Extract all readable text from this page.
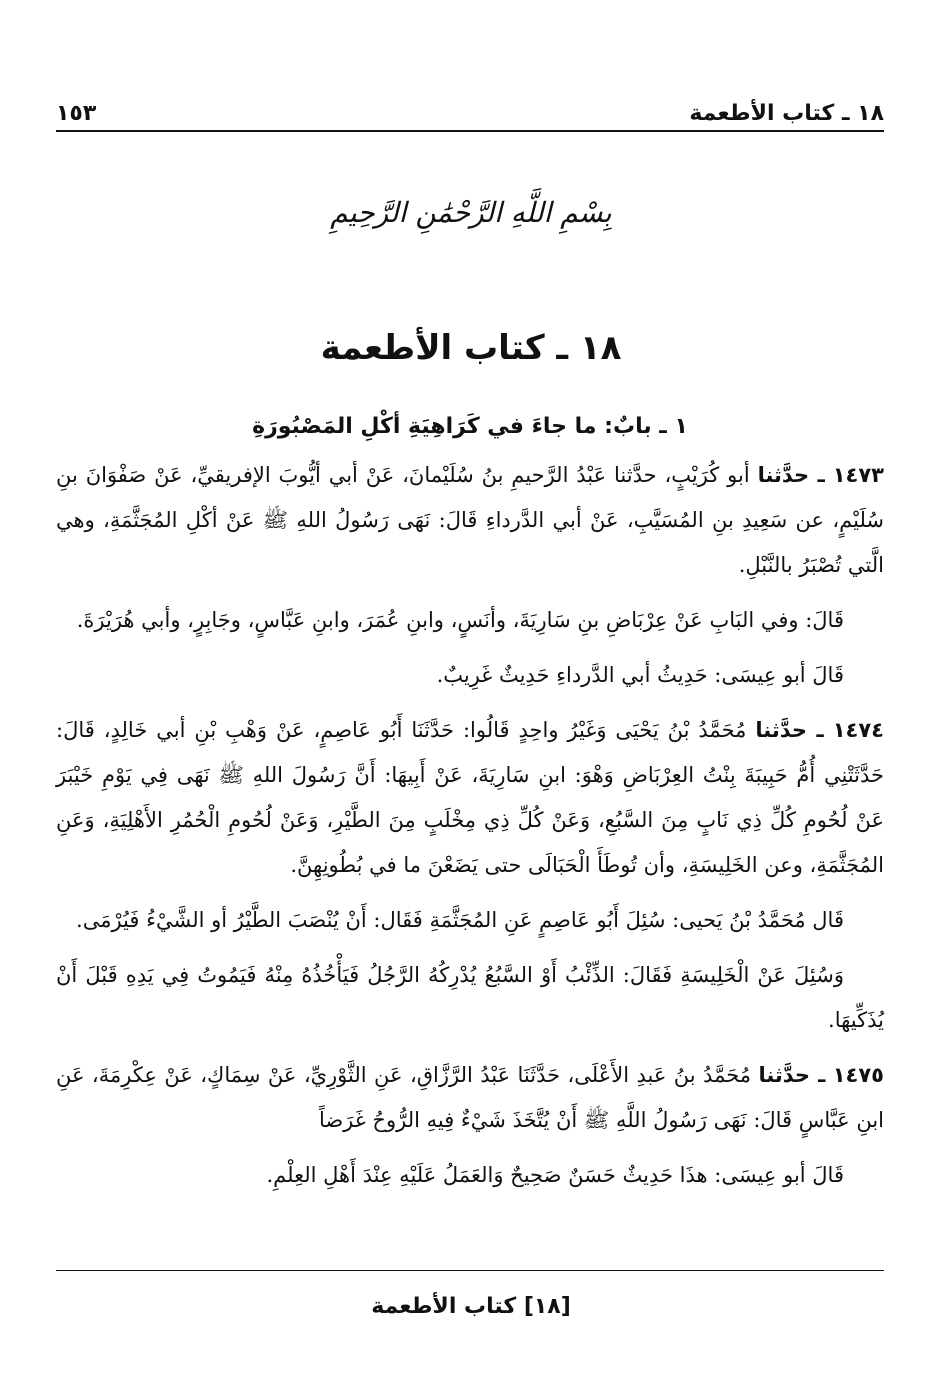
١٨ ـ كتاب الأطعمة
١٥٣
بِسْمِ اللَّهِ الرَّحْمَٰنِ الرَّحِيمِ
١٨ ـ كتاب الأطعمة

١ ـ بابٌ: ما جاءَ في كَرَاهِيَةِ أكْلِ المَصْبُورَةِ

١٤٧٣ ـ حدَّثنا أبو كُرَيْبٍ، حدَّثنا عَبْدُ الرَّحيمِ بنُ سُلَيْمانَ، عَنْ أبي أيُّوبَ الإفريقيِّ، عَنْ صَفْوَانَ بنِ سُلَيْمٍ، عن سَعِيدِ بنِ المُسَيَّبِ، عَنْ أبي الدَّرداءِ قَالَ: نَهَى رَسُولُ اللهِ ﷺ عَنْ أكْلِ المُجَثَّمَةِ، وهي الَّتي تُصْبَرُ بالنَّبْلِ.

قَالَ: وفي البَابِ عَنْ عِرْبَاضِ بنِ سَارِيَةَ، وأنَسٍ، وابنِ عُمَرَ، وابنِ عَبَّاسٍ، وجَابِرٍ، وأبي هُرَيْرَةَ.

قَالَ أبو عِيسَى: حَدِيثُ أبي الدَّرداءِ حَدِيثٌ غَرِيبٌ.

١٤٧٤ ـ حدَّثنا مُحَمَّدُ بْنُ يَحْيَى وَغَيْرُ واحِدٍ قَالُوا: حَدَّثَنَا أَبُو عَاصِمٍ، عَنْ وَهْبِ بْنِ أبي خَالِدٍ، قَالَ: حَدَّثَتْنِي أُمُّ حَبِيبَةَ بِنْتُ العِرْبَاضِ وَهْوَ: ابنِ سَارِيَةَ، عَنْ أَبِيهَا: أَنَّ رَسُولَ اللهِ ﷺ نَهَى فِي يَوْمِ خَيْبَرَ عَنْ لُحُومِ كُلِّ ذِي نَابٍ مِنَ السَّبُعِ، وَعَنْ كُلِّ ذِي مِخْلَبٍ مِنَ الطَّيْرِ، وَعَنْ لُحُومِ الْحُمُرِ الأَهْلِيَةِ، وَعَنِ المُجَثَّمَةِ، وعن الخَلِيسَةِ، وأن تُوطَأَ الْحَبَالَى حتى يَضَعْنَ ما في بُطُونِهِنَّ.

قَال مُحَمَّدُ بْنُ يَحيى: سُئِلَ أَبُو عَاصِمٍ عَنِ المُجَثَّمَةِ فَقَال: أَنْ يُنْصَبَ الطَّيْرُ أو الشَّيْءُ فَيُرْمَى.

وَسُئِلَ عَنْ الْخَلِيسَةِ فَقَالَ: الذِّئْبُ أَوْ السَّبُعُ يُدْرِكُهُ الرَّجُلُ فَيَأْخُذُهُ مِنْهُ فَيَمُوتُ فِي يَدِهِ قَبْلَ أَنْ يُذَكِّيهَا.

١٤٧٥ ـ حدَّثنا مُحَمَّدُ بنُ عَبدِ الأَعْلَى، حَدَّثَنَا عَبْدُ الرَّزَّاقِ، عَنِ الثَّوْرِيِّ، عَنْ سِمَاكٍ، عَنْ عِكْرِمَةَ، عَنِ ابنِ عَبَّاسٍ قَالَ: نَهَى رَسُولُ اللَّهِ ﷺ أَنْ يُتَّخَذَ شَيْءٌ فِيهِ الرُّوحُ غَرَضاً

قَالَ أبو عِيسَى: هذَا حَدِيثٌ حَسَنٌ صَحِيحٌ وَالعَمَلُ عَلَيْهِ عِنْدَ أَهْلِ العِلْمِ.

[١٨] كتاب الأطعمة
